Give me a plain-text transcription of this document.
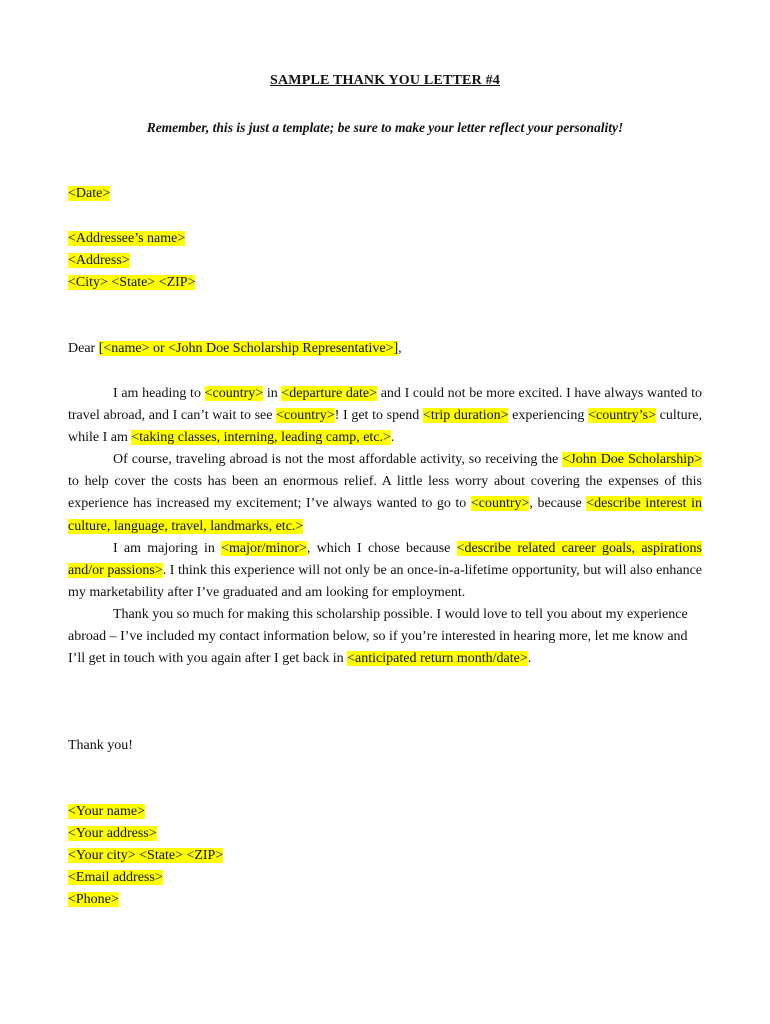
SAMPLE THANK YOU LETTER #4
Remember, this is just a template; be sure to make your letter reflect your personality!
<Date>
<Addressee’s name>
<Address>
<City> <State> <ZIP>
Dear [<name> or <John Doe Scholarship Representative>],

I am heading to <country> in <departure date> and I could not be more excited. I have always wanted to travel abroad, and I can’t wait to see <country>! I get to spend <trip duration> experiencing <country’s> culture, while I am <taking classes, interning, leading camp, etc.>.

Of course, traveling abroad is not the most affordable activity, so receiving the <John Doe Scholarship> to help cover the costs has been an enormous relief. A little less worry about covering the expenses of this experience has increased my excitement; I’ve always wanted to go to <country>, because <describe interest in culture, language, travel, landmarks, etc.>

I am majoring in <major/minor>, which I chose because <describe related career goals, aspirations and/or passions>. I think this experience will not only be an once-in-a-lifetime opportunity, but will also enhance my marketability after I’ve graduated and am looking for employment.

Thank you so much for making this scholarship possible. I would love to tell you about my experience abroad – I’ve included my contact information below, so if you’re interested in hearing more, let me know and I’ll get in touch with you again after I get back in <anticipated return month/date>.

Thank you!
<Your name>
<Your address>
<Your city> <State> <ZIP>
<Email address>
<Phone>
